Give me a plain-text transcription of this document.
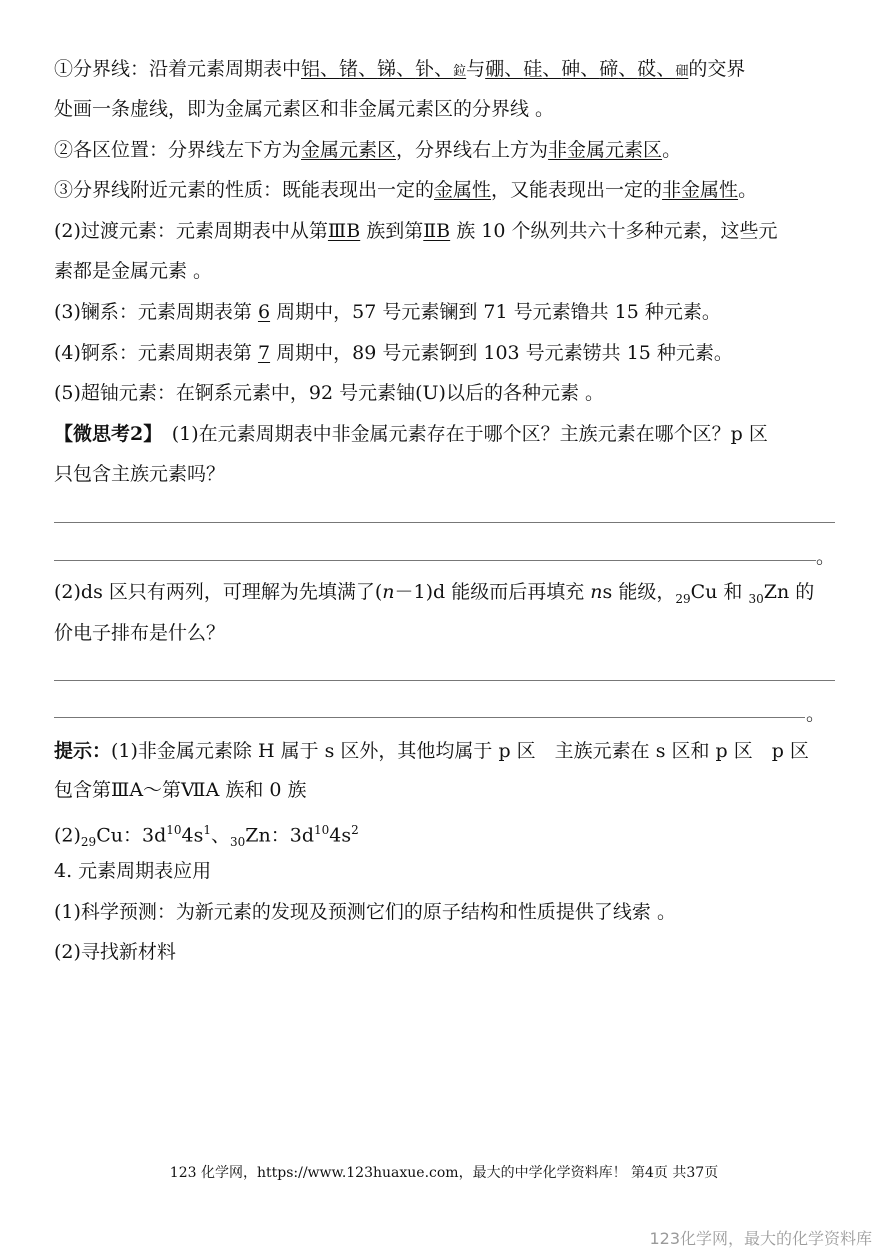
①分界线：沿着元素周期表中铝、锗、锑、钋、鉝与硼、硅、砷、碲、砹、鿬的交界
处画一条虚线，即为金属元素区和非金属元素区的分界线 。
②各区位置：分界线左下方为金属元素区，分界线右上方为非金属元素区。
③分界线附近元素的性质：既能表现出一定的金属性，又能表现出一定的非金属性。
(2)过渡元素：元素周期表中从第ⅢB 族到第ⅡB 族 10 个纵列共六十多种元素，这些元
素都是金属元素 。
(3)镧系：元素周期表第 6 周期中，57 号元素镧到 71 号元素镥共 15 种元素。
(4)锕系：元素周期表第 7 周期中，89 号元素锕到 103 号元素铹共 15 种元素。
(5)超铀元素：在锕系元素中，92 号元素铀(U)以后的各种元素 。
【微思考2】　 (1)在元素周期表中非金属元素存在于哪个区？主族元素在哪个区？p 区
只包含主族元素吗？
。
(2)ds 区只有两列，可理解为先填满了(n－1)d 能级而后再填充 ns 能级，$_{29}$Cu 和 $_{30}$Zn 的
价电子排布是什么？
。
提示：(1)非金属元素除 H 属于 s 区外，其他均属于 p 区　主族元素在 s 区和 p 区　p 区
包含第ⅢA～第ⅦA 族和 0 族
$(2)_{29}Cu$：$3d^{10}4s^1$、$_{30}$Zn：$3d^{10}4s^2$
4. 元素周期表应用
(1)科学预测：为新元素的发现及预测它们的原子结构和性质提供了线索 。
(2)寻找新材料
123 化学网，https://www.123huaxue.com，最大的中学化学资料库！ 第4页 共37页
123化学网，最大的化学资料库
